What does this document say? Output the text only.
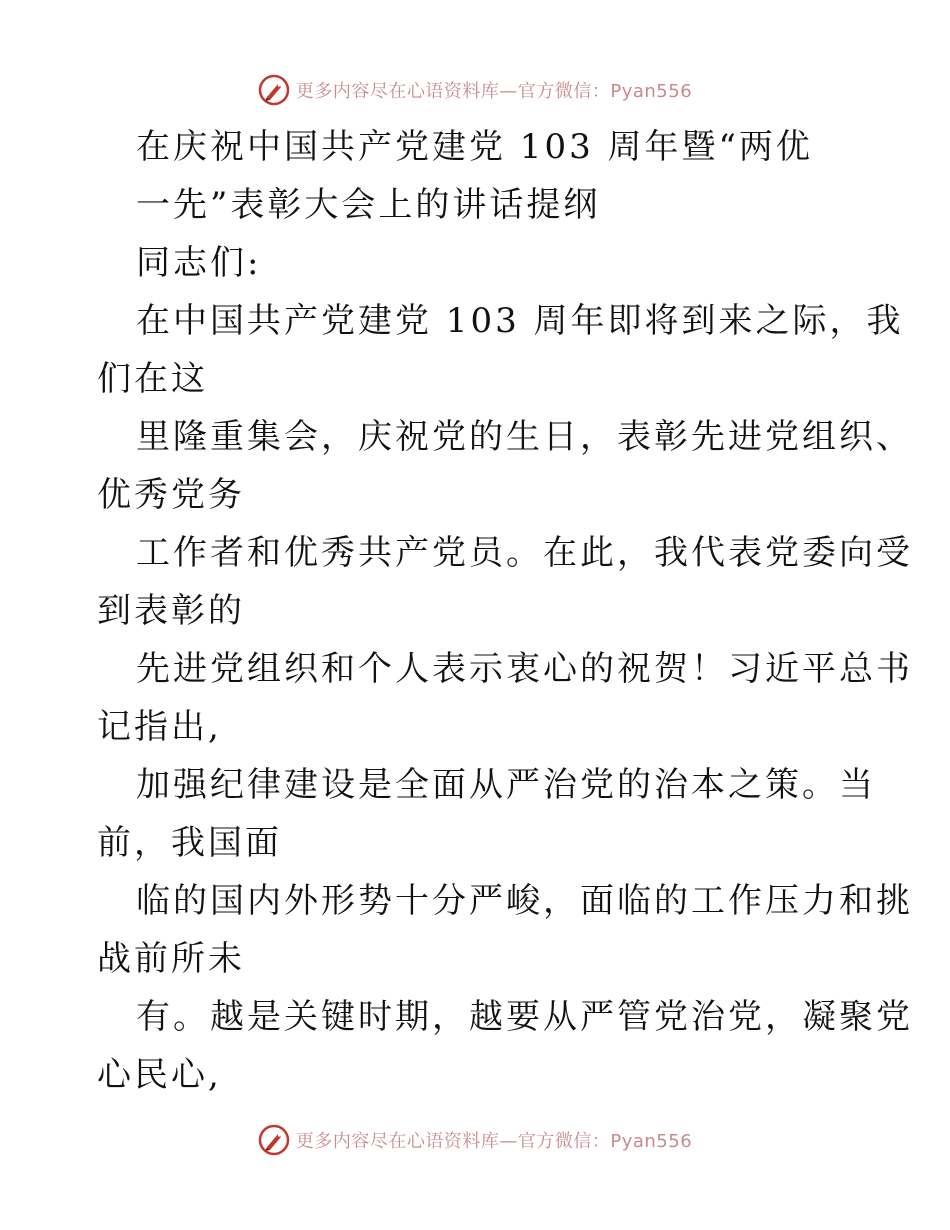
更多内容尽在心语资料库—官方微信：Pyan556
在庆祝中国共产党建党 103 周年暨“两优
一先”表彰大会上的讲话提纲
同志们:
在中国共产党建党 103 周年即将到来之际，我
们在这
里隆重集会，庆祝党的生日，表彰先进党组织、
优秀党务
工作者和优秀共产党员。在此，我代表党委向受
到表彰的
先进党组织和个人表示衷心的祝贺！习近平总书
记指出,
加强纪律建设是全面从严治党的治本之策。当
前，我国面
临的国内外形势十分严峻，面临的工作压力和挑
战前所未
有。越是关键时期，越要从严管党治党，凝聚党
心民心,
更多内容尽在心语资料库—官方微信：Pyan556
